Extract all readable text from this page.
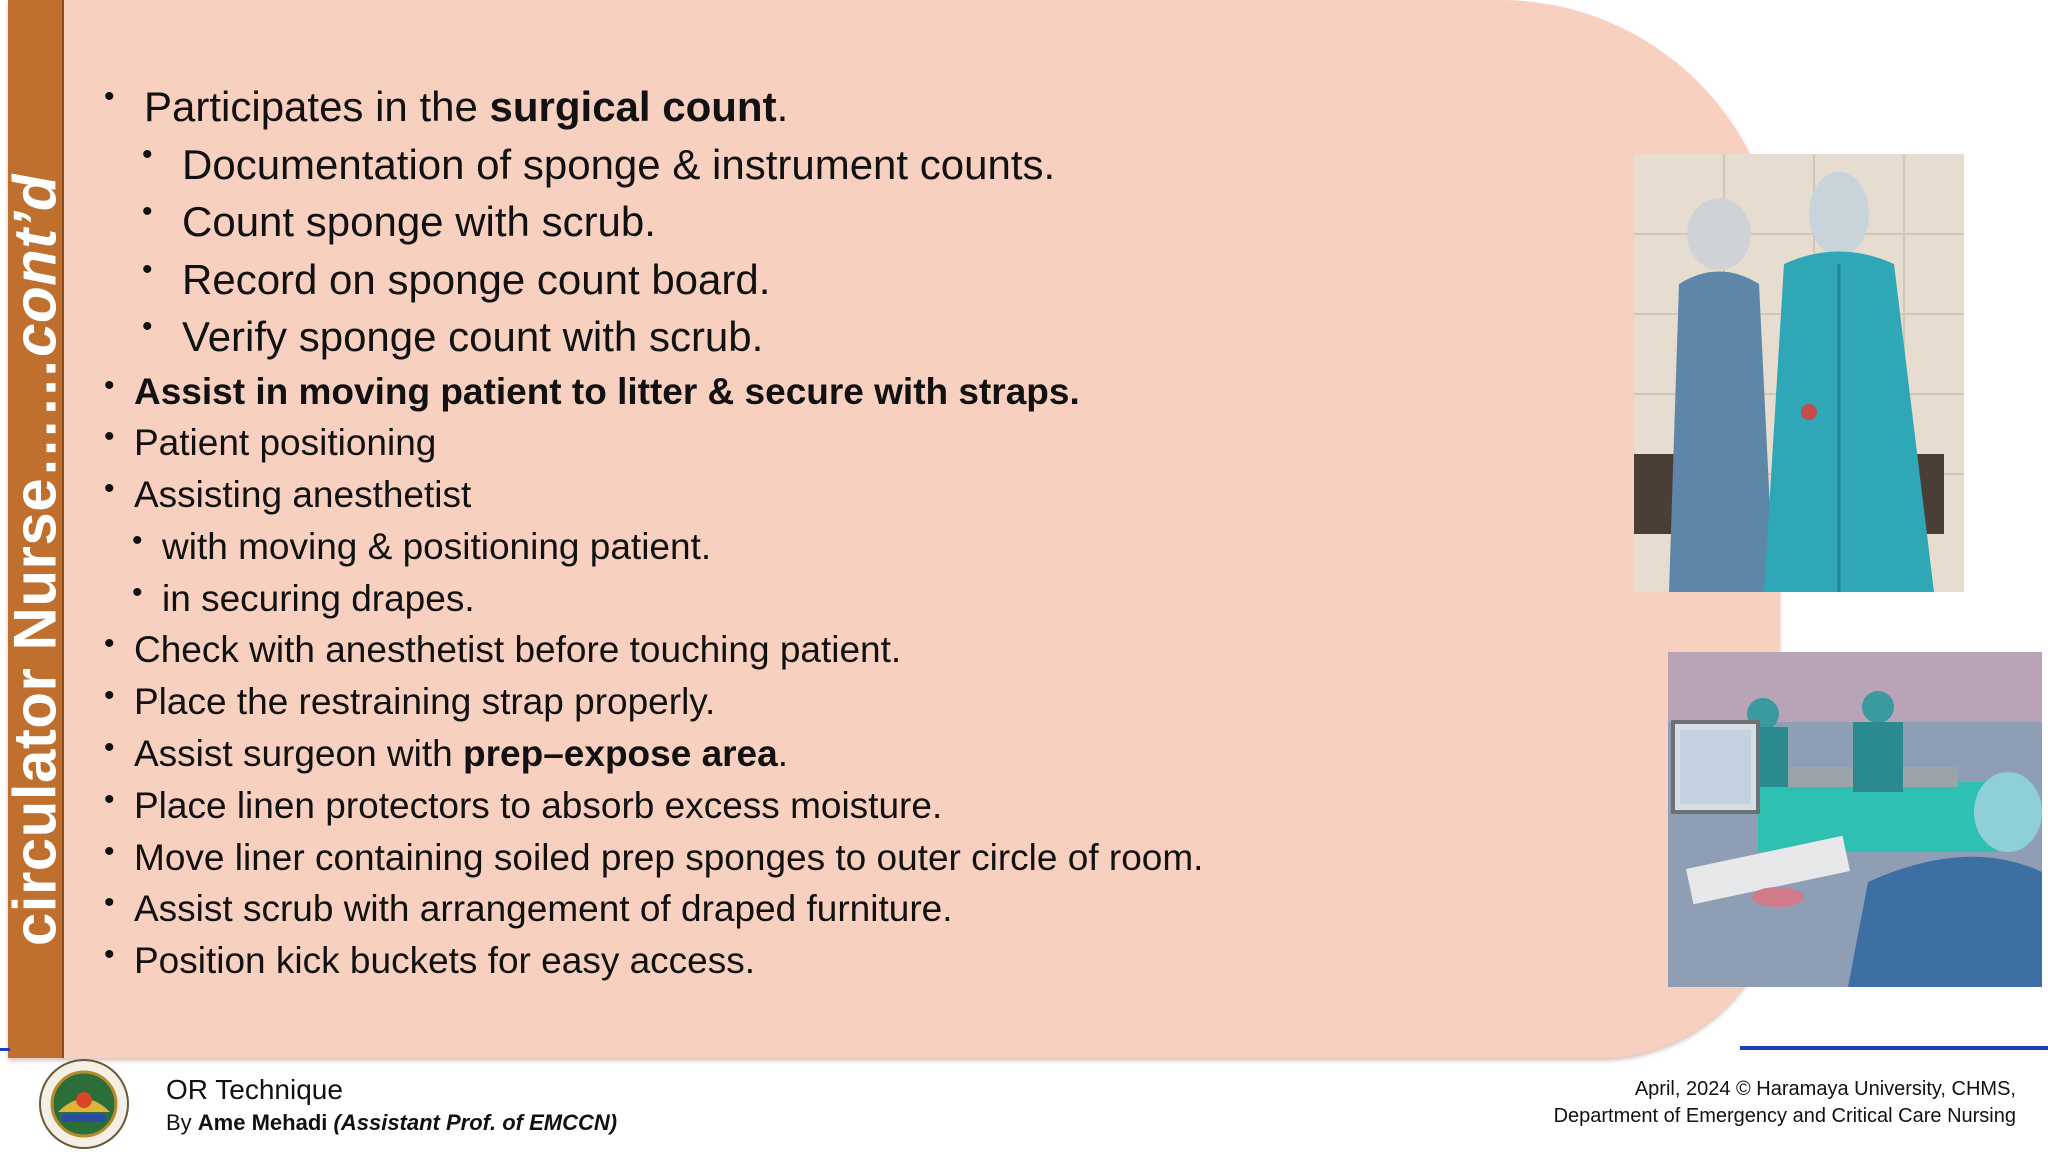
circulator Nurse……cont’d
• Participates in the surgical count.
• Documentation of sponge & instrument counts.
• Count sponge with scrub.
• Record on sponge count board.
• Verify sponge count with scrub.
• Assist in moving patient to litter & secure with straps.
• Patient positioning
• Assisting anesthetist
• with moving & positioning patient.
• in securing drapes.
• Check with anesthetist before touching patient.
• Place the restraining strap properly.
• Assist surgeon with prep–expose area.
• Place linen protectors to absorb excess moisture.
• Move liner containing soiled prep sponges to outer circle of room.
• Assist scrub with arrangement of draped furniture.
• Position kick buckets for easy access.
OR Technique
By Ame Mehadi (Assistant Prof. of EMCCN)
April, 2024 © Haramaya University, CHMS,
Department of Emergency and Critical Care Nursing
